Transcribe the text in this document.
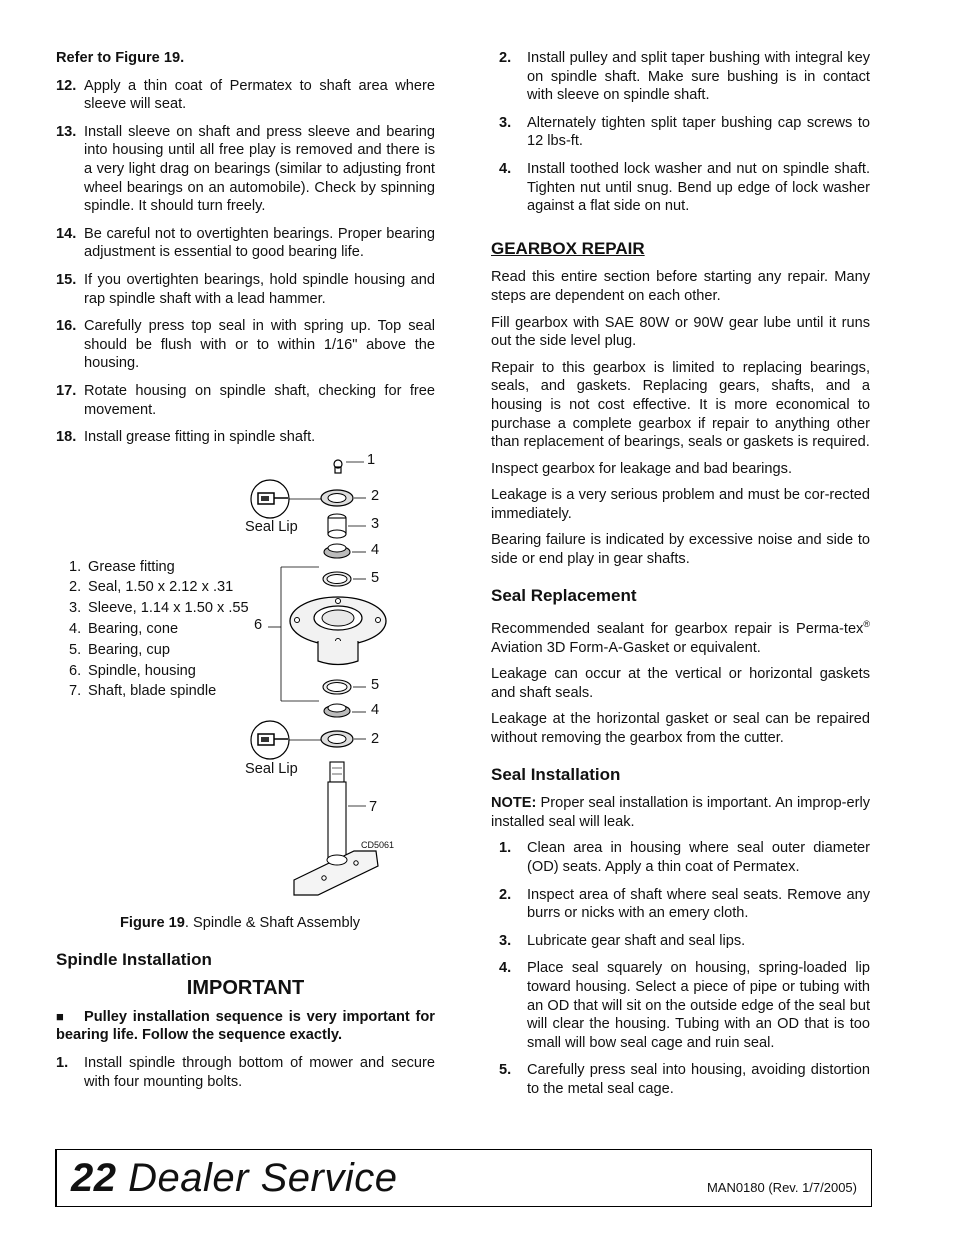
Refer to Figure 19.

12. Apply a thin coat of Permatex to shaft area where sleeve will seat.
13. Install sleeve on shaft and press sleeve and bearing into housing until all free play is removed and there is a very light drag on bearings (similar to adjusting front wheel bearings on an automobile). Check by spinning spindle. It should turn freely.
14. Be careful not to overtighten bearings. Proper bearing adjustment is essential to good bearing life.
15. If you overtighten bearings, hold spindle housing and rap spindle shaft with a lead hammer.
16. Carefully press top seal in with spring up. Top seal should be flush with or to within 1/16" above the housing.
17. Rotate housing on spindle shaft, checking for free movement.
18. Install grease fitting in spindle shaft.
1
2
3
4
5
6
5
4
2
7
Seal Lip
Seal Lip
CD5061
1. Grease fitting
2. Seal, 1.50 x 2.12 x .31
3. Sleeve, 1.14 x 1.50 x .55
4. Bearing, cone
5. Bearing, cup
6. Spindle, housing
7. Shaft, blade spindle
Figure 19. Spindle & Shaft Assembly
Spindle Installation
IMPORTANT
■ Pulley installation sequence is very important for bearing life. Follow the sequence exactly.
1.	Install spindle through bottom of mower and secure with four mounting bolts.
2.	Install pulley and split taper bushing with integral key on spindle shaft. Make sure bushing is in contact with sleeve on spindle shaft.
3.	Alternately tighten split taper bushing cap screws to 12 lbs-ft.
4.	Install toothed lock washer and nut on spindle shaft. Tighten nut until snug. Bend up edge of lock washer against a flat side on nut.
GEARBOX REPAIR

Read this entire section before starting any repair. Many steps are dependent on each other.

Fill gearbox with SAE 80W or 90W gear lube until it runs out the side level plug.

Repair to this gearbox is limited to replacing bearings, seals, and gaskets. Replacing gears, shafts, and a housing is not cost effective. It is more economical to purchase a complete gearbox if repair to anything other than replacement of bearings, seals or gaskets is required.

Inspect gearbox for leakage and bad bearings.

Leakage is a very serious problem and must be cor-rected immediately.

Bearing failure is indicated by excessive noise and side to side or end play in gear shafts.

Seal Replacement

Recommended sealant for gearbox repair is Perma-tex® Aviation 3D Form-A-Gasket or equivalent.

Leakage can occur at the vertical or horizontal gaskets and shaft seals.

Leakage at the horizontal gasket or seal can be repaired without removing the gearbox from the cutter.

Seal Installation

NOTE: Proper seal installation is important. An improp-erly installed seal will leak.

1.	Clean area in housing where seal outer diameter (OD) seats. Apply a thin coat of Permatex.
2.	Inspect area of shaft where seal seats. Remove any burrs or nicks with an emery cloth.
3.	Lubricate gear shaft and seal lips.
4.	Place seal squarely on housing, spring-loaded lip toward housing. Select a piece of pipe or tubing with an OD that will sit on the outside edge of the seal but will clear the housing. Tubing with an OD that is too small will bow seal cage and ruin seal.
5.	Carefully press seal into housing, avoiding distortion to the metal seal cage.
22 Dealer Service	MAN0180 (Rev. 1/7/2005)
